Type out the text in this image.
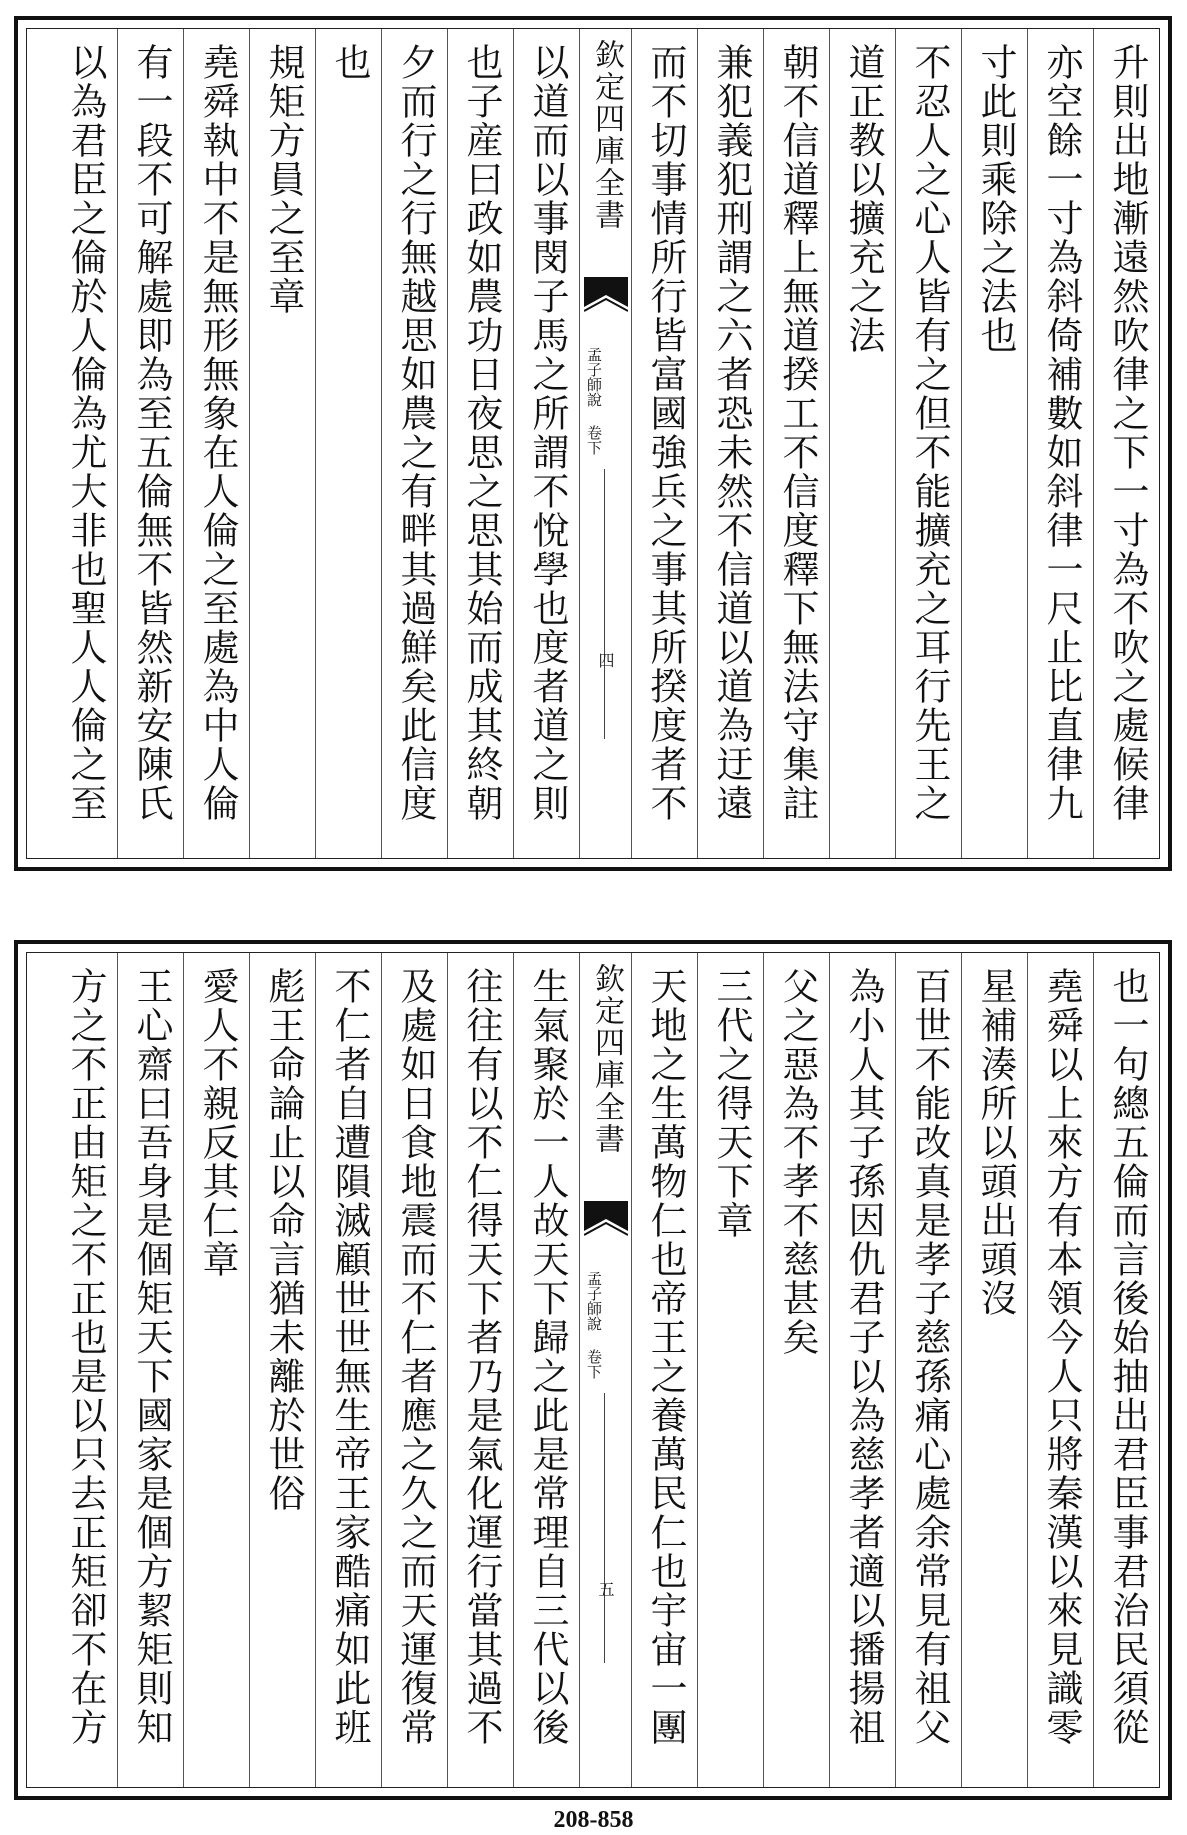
升則出地漸遠然吹律之下一寸為不吹之處候律
亦空餘一寸為斜倚補數如斜律一尺止比直律九
寸此則乘除之法也
不忍人之心人皆有之但不能擴充之耳行先王之
道正教以擴充之法
朝不信道釋上無道揆工不信度釋下無法守集註
兼犯義犯刑謂之六者恐未然不信道以道為迂遠
而不切事情所行皆富國強兵之事其所揆度者不
欽定四庫全書
孟子師說 卷下
四
以道而以事閔子馬之所謂不悅學也度者道之則
也子産曰政如農功日夜思之思其始而成其終朝
夕而行之行無越思如農之有畔其過鮮矣此信度
也
規矩方員之至章
堯舜執中不是無形無象在人倫之至處為中人倫
有一段不可解處即為至五倫無不皆然新安陳氏
以為君臣之倫於人倫為尤大非也聖人人倫之至
也一句總五倫而言後始抽出君臣事君治民須從
堯舜以上來方有本領今人只將秦漢以來見識零
星補湊所以頭出頭沒
百世不能改真是孝子慈孫痛心處余常見有祖父
為小人其子孫因仇君子以為慈孝者適以播揚祖
父之惡為不孝不慈甚矣
三代之得天下章
天地之生萬物仁也帝王之養萬民仁也宇宙一團
欽定四庫全書
孟子師說 卷下
五
生氣聚於一人故天下歸之此是常理自三代以後
往往有以不仁得天下者乃是氣化運行當其過不
及處如日食地震而不仁者應之久之而天運復常
不仁者自遭隕滅顧世世無生帝王家酷痛如此班
彪王命論止以命言猶未離於世俗
愛人不親反其仁章
王心齋曰吾身是個矩天下國家是個方絜矩則知
方之不正由矩之不正也是以只去正矩卻不在方
208-858
